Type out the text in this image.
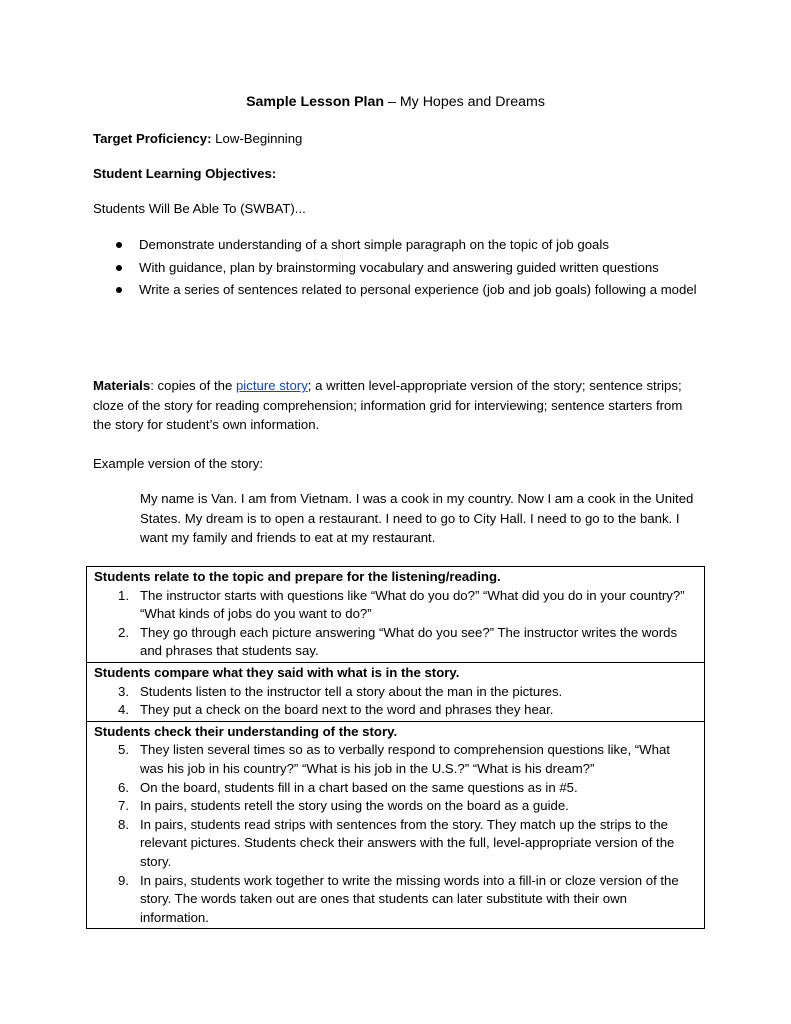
Sample Lesson Plan – My Hopes and Dreams
Target Proficiency: Low-Beginning
Student Learning Objectives:
Students Will Be Able To (SWBAT)...
Demonstrate understanding of a short simple paragraph on the topic of job goals
With guidance, plan by brainstorming vocabulary and answering guided written questions
Write a series of sentences related to personal experience (job and job goals) following a model
Materials: copies of the picture story; a written level-appropriate version of the story; sentence strips; cloze of the story for reading comprehension; information grid for interviewing; sentence starters from the story for student’s own information.
Example version of the story:
My name is Van. I am from Vietnam. I was a cook in my country. Now I am a cook in the United States. My dream is to open a restaurant. I need to go to City Hall. I need to go to the bank. I want my family and friends to eat at my restaurant.
Students relate to the topic and prepare for the listening/reading.
1. The instructor starts with questions like “What do you do?” “What did you do in your country?” “What kinds of jobs do you want to do?”
2. They go through each picture answering “What do you see?” The instructor writes the words and phrases that students say.

Students compare what they said with what is in the story.
3. Students listen to the instructor tell a story about the man in the pictures.
4. They put a check on the board next to the word and phrases they hear.

Students check their understanding of the story.
5. They listen several times so as to verbally respond to comprehension questions like, “What was his job in his country?” “What is his job in the U.S.?” “What is his dream?”
6. On the board, students fill in a chart based on the same questions as in #5.
7. In pairs, students retell the story using the words on the board as a guide.
8. In pairs, students read strips with sentences from the story. They match up the strips to the relevant pictures. Students check their answers with the full, level-appropriate version of the story.
9. In pairs, students work together to write the missing words into a fill-in or cloze version of the story. The words taken out are ones that students can later substitute with their own information.
